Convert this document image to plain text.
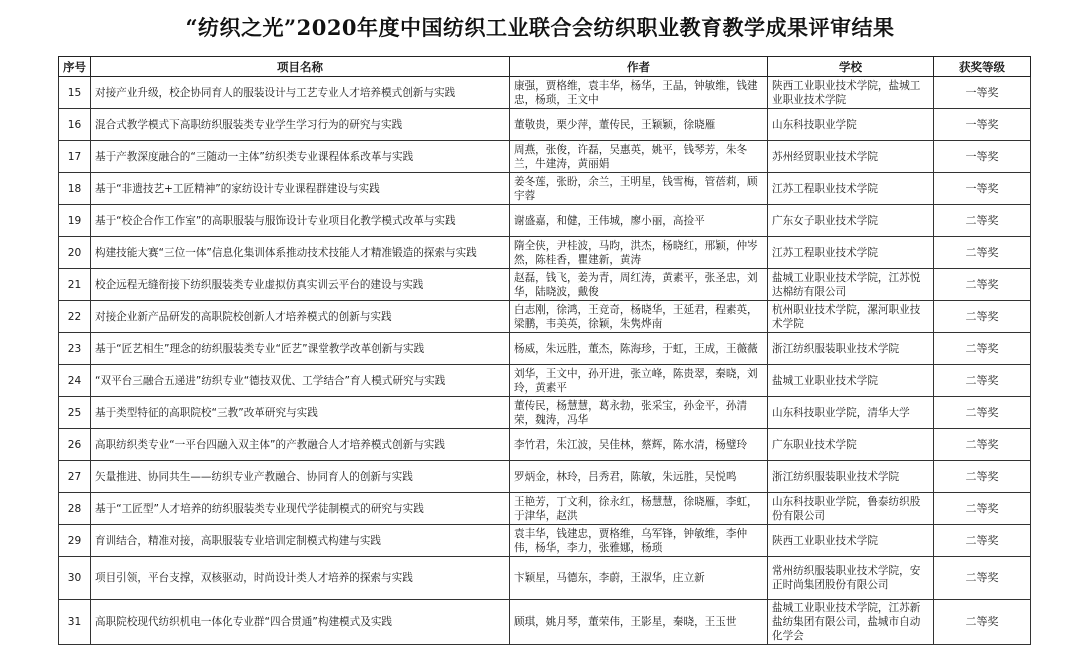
“纺织之光”2020年度中国纺织工业联合会纺织职业教育教学成果评审结果
序号	项目名称	作者	学校	获奖等级
15	对接产业升级，校企协同育人的服装设计与工艺专业人才培养模式创新与实践	康强，贾格维，袁丰华，杨华，王晶，钟敏维，钱建忠，杨琐，王文中	陕西工业职业技术学院，盐城工业职业技术学院	一等奖
16	混合式教学模式下高职纺织服装类专业学生学习行为的研究与实践	董敬贵，栗少萍，董传民，王颖颖，徐晓雁	山东科技职业学院	一等奖
17	基于产教深度融合的“三随动一主体”纺织类专业课程体系改革与实践	周燕，张俊，许磊，吴惠英，姚平，钱琴芳，朱冬兰，牛建涛，黄丽娟	苏州经贸职业技术学院	一等奖
18	基于“非遗技艺+工匠精神”的家纺设计专业课程群建设与实践	姜冬莲，张盼，余兰，王明星，钱雪梅，管蓓莉，顾宇蓉	江苏工程职业技术学院	一等奖
19	基于“校企合作工作室”的高职服装与服饰设计专业项目化教学模式改革与实践	谢盛嘉，和健，王伟城，廖小丽，高捡平	广东女子职业技术学院	二等奖
20	构建技能大赛“三位一体”信息化集训体系推动技术技能人才精准锻造的探索与实践	隋全侠，尹桂波，马昀，洪杰，杨晓红，邢颖，仲岑然，陈桂香，瞿建新，黄涛	江苏工程职业技术学院	二等奖
21	校企远程无缝衔接下纺织服装类专业虚拟仿真实训云平台的建设与实践	赵磊，钱飞，姜为青，周红涛，黄素平，张圣忠，刘华，陆晓波，戴俊	盐城工业职业技术学院，江苏悦达棉纺有限公司	二等奖
22	对接企业新产品研发的高职院校创新人才培养模式的创新与实践	白志刚，徐鸿，王竞奇，杨晓华，王延君，程素英，梁鹏，韦美英，徐颖，朱隽烨南	杭州职业技术学院，漯河职业技术学院	二等奖
23	基于“匠艺相生”理念的纺织服装类专业“匠艺”课堂教学改革创新与实践	杨威，朱远胜，董杰，陈海珍，于虹，王成，王薇薇	浙江纺织服装职业技术学院	二等奖
24	“双平台三融合五递进”纺织专业“德技双优、工学结合”育人模式研究与实践	刘华，王文中，孙开进，张立峰，陈贵翠，秦晓，刘玲，黄素平	盐城工业职业技术学院	二等奖
25	基于类型特征的高职院校“三教”改革研究与实践	董传民，杨慧慧，葛永勃，张采宝，孙金平，孙清荣，魏涛，冯华	山东科技职业学院，清华大学	二等奖
26	高职纺织类专业“一平台四融入双主体”的产教融合人才培养模式创新与实践	李竹君，朱江波，吴佳林，蔡辉，陈水清，杨璧玲	广东职业技术学院	二等奖
27	矢量推进、协同共生——纺织专业产教融合、协同育人的创新与实践	罗炳金，林玲，吕秀君，陈敏，朱远胜，吴悦鸣	浙江纺织服装职业技术学院	二等奖
28	基于“工匠型”人才培养的纺织服装类专业现代学徒制模式的研究与实践	王艳芳，丁文利，徐永红，杨慧慧，徐晓雁，李虹，于津华，赵洪	山东科技职业学院，鲁泰纺织股份有限公司	二等奖
29	育训结合，精准对接，高职服装专业培训定制模式构建与实践	袁丰华，钱建忠，贾格维，乌军锋，钟敏维，李仲伟，杨华，李力，张雅娜，杨琐	陕西工业职业技术学院	二等奖
30	项目引领，平台支撑，双核驱动，时尚设计类人才培养的探索与实践	卞颖星，马德东，李蔚，王淑华，庄立新	常州纺织服装职业技术学院，安正时尚集团股份有限公司	二等奖
31	高职院校现代纺织机电一体化专业群“四合贯通”构建模式及实践	顾琪，姚月琴，董荣伟，王影星，秦晓，王玉世	盐城工业职业技术学院，江苏新盐纺集团有限公司，盐城市自动化学会	二等奖
